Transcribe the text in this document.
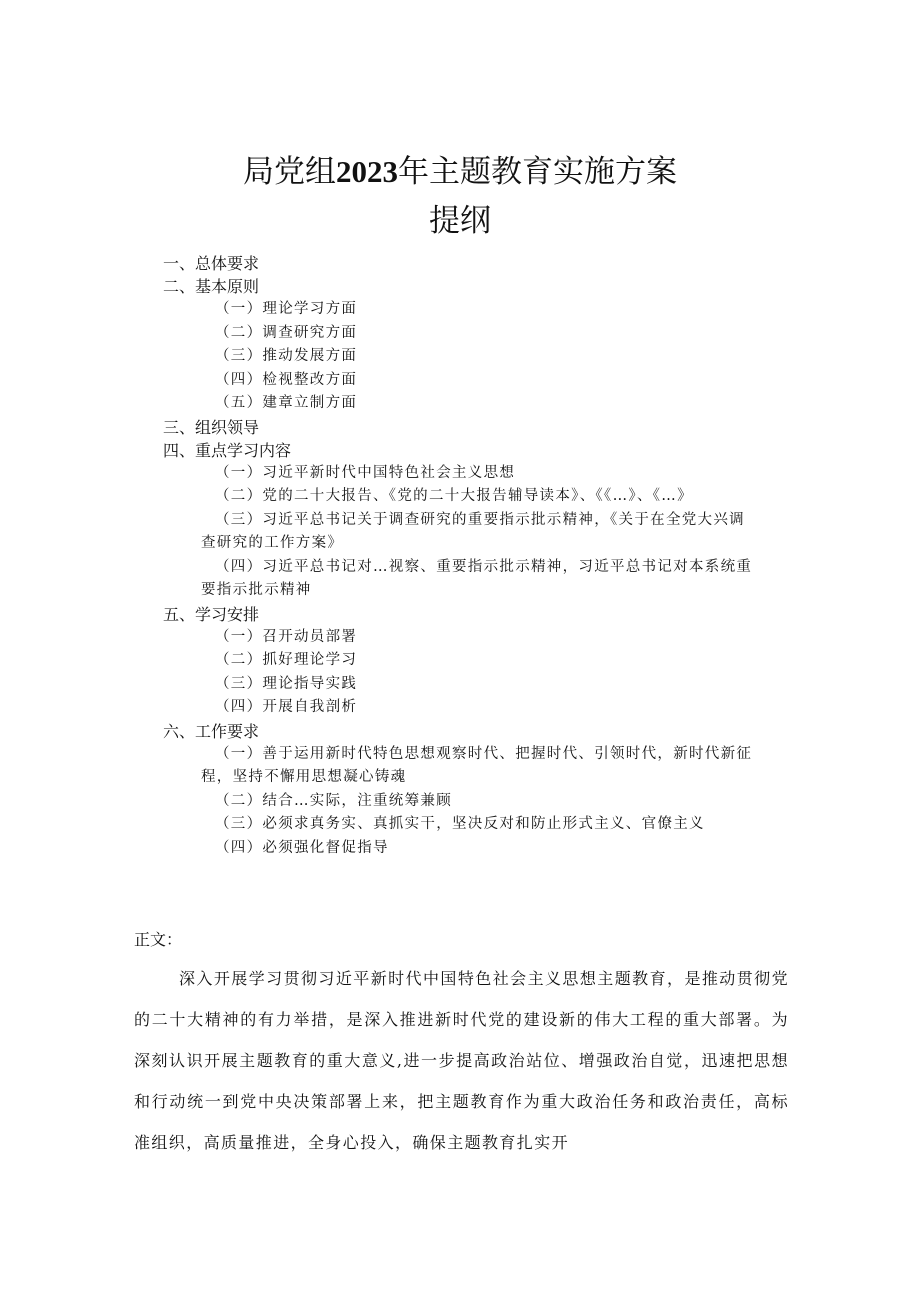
局党组2023年主题教育实施方案
提纲

一、总体要求

二、基本原则

（一）理论学习方面

（二）调查研究方面

（三）推动发展方面

（四）检视整改方面

（五）建章立制方面

三、组织领导

四、重点学习内容

（一）习近平新时代中国特色社会主义思想

（二）党的二十大报告、《党的二十大报告辅导读本》、《《…》、《…》

（三）习近平总书记关于调查研究的重要指示批示精神，《关于在全党大兴调
查研究的工作方案》

（四）习近平总书记对…视察、重要指示批示精神，习近平总书记对本系统重
要指示批示精神

五、学习安排

（一）召开动员部署

（二）抓好理论学习

（三）理论指导实践

（四）开展自我剖析

六、工作要求

（一）善于运用新时代特色思想观察时代、把握时代、引领时代，新时代新征
程，坚持不懈用思想凝心铸魂

（二）结合…实际，注重统筹兼顾

（三）必须求真务实、真抓实干，坚决反对和防止形式主义、官僚主义

（四）必须强化督促指导

正文：

深入开展学习贯彻习近平新时代中国特色社会主义思想主题教育，是推动贯彻党的二十大精神的有力举措，是深入推进新时代党的建设新的伟大工程的重大部署。为深刻认识开展主题教育的重大意义,进一步提高政治站位、增强政治自觉，迅速把思想和行动统一到党中央决策部署上来，把主题教育作为重大政治任务和政治责任，高标准组织，高质量推进，全身心投入，确保主题教育扎实开
